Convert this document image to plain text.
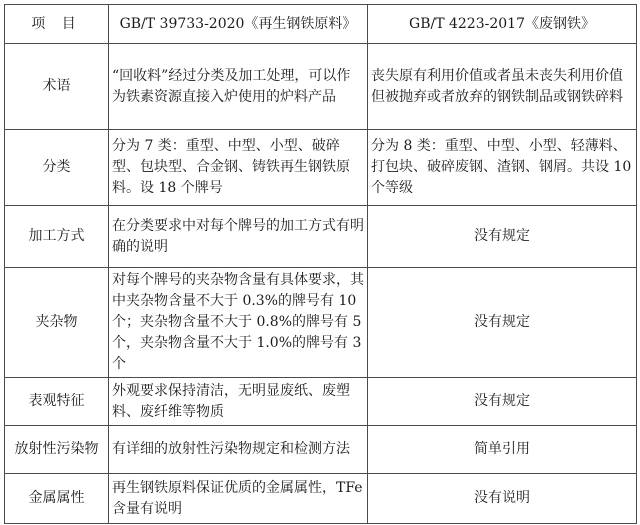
项 目	GB/T 39733-2020《再生钢铁原料》	GB/T 4223-2017《废钢铁》
术语	“回收料”经过分类及加工处理，可以作为铁素资源直接入炉使用的炉料产品	丧失原有利用价值或者虽未丧失利用价值但被抛弃或者放弃的钢铁制品或钢铁碎料
分类	分为 7 类：重型、中型、小型、破碎型、包块型、合金钢、铸铁再生钢铁原料。设 18 个牌号	分为 8 类：重型、中型、小型、轻薄料、打包块、破碎废钢、渣钢、钢屑。共设 10 个等级
加工方式	在分类要求中对每个牌号的加工方式有明确的说明	没有规定
夹杂物	对每个牌号的夹杂物含量有具体要求，其中夹杂物含量不大于 0.3%的牌号有 10 个；夹杂物含量不大于 0.8%的牌号有 5 个，夹杂物含量不大于 1.0%的牌号有 3 个	没有规定
表观特征	外观要求保持清洁，无明显废纸、废塑料、废纤维等物质	没有规定
放射性污染物	有详细的放射性污染物规定和检测方法	简单引用
金属属性	再生钢铁原料保证优质的金属属性，TFe 含量有说明	没有说明
